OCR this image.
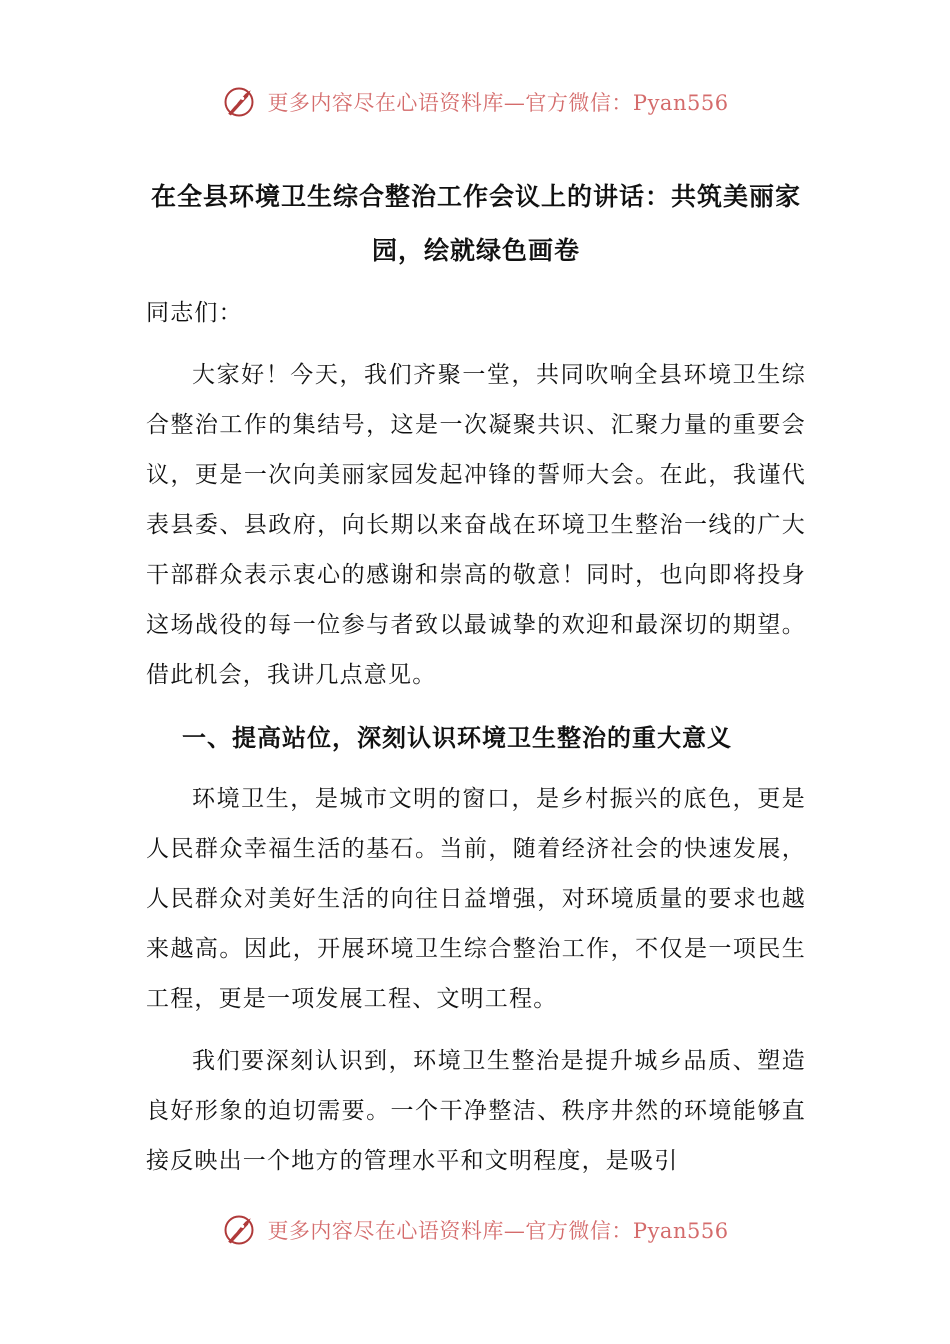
更多内容尽在心语资料库—官方微信：Pyan556
在全县环境卫生综合整治工作会议上的讲话：共筑美丽家园，绘就绿色画卷

同志们：

大家好！今天，我们齐聚一堂，共同吹响全县环境卫生综合整治工作的集结号，这是一次凝聚共识、汇聚力量的重要会议，更是一次向美丽家园发起冲锋的誓师大会。在此，我谨代表县委、县政府，向长期以来奋战在环境卫生整治一线的广大干部群众表示衷心的感谢和崇高的敬意！同时，也向即将投身这场战役的每一位参与者致以最诚挚的欢迎和最深切的期望。借此机会，我讲几点意见。

一、提高站位，深刻认识环境卫生整治的重大意义

环境卫生，是城市文明的窗口，是乡村振兴的底色，更是人民群众幸福生活的基石。当前，随着经济社会的快速发展，人民群众对美好生活的向往日益增强，对环境质量的要求也越来越高。因此，开展环境卫生综合整治工作，不仅是一项民生工程，更是一项发展工程、文明工程。

我们要深刻认识到，环境卫生整治是提升城乡品质、塑造良好形象的迫切需要。一个干净整洁、秩序井然的环境能够直接反映出一个地方的管理水平和文明程度，是吸引

更多内容尽在心语资料库—官方微信：Pyan556
